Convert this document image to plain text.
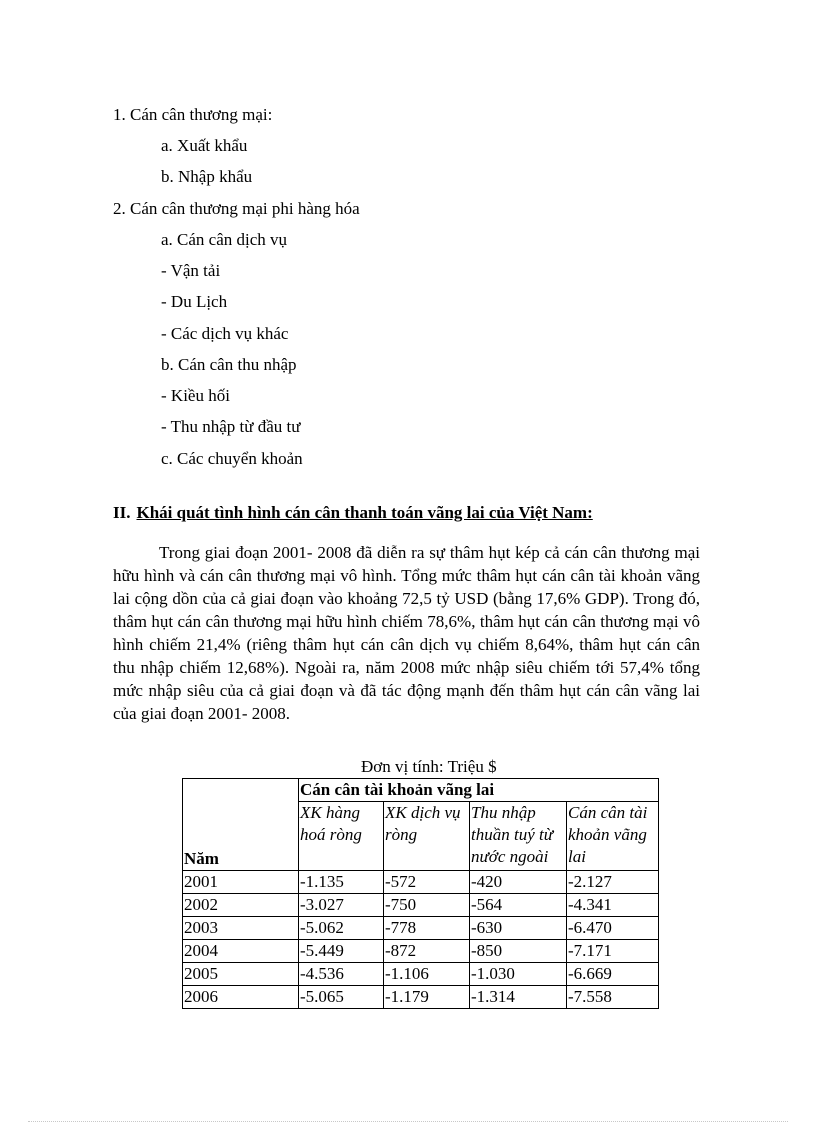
1. Cán cân thương mại:
a. Xuất khẩu
b. Nhập khẩu
2. Cán cân thương mại phi hàng hóa
a. Cán cân dịch vụ
- Vận tải
- Du Lịch
- Các dịch vụ khác
b. Cán cân thu nhập
- Kiều hối
- Thu nhập từ đầu tư
c. Các chuyển khoản
II. Khái quát tình hình cán cân thanh toán vãng lai của Việt Nam:
Trong giai đoạn 2001- 2008 đã diễn ra sự thâm hụt kép cả cán cân thương mại hữu hình và cán cân thương mại vô hình. Tổng mức thâm hụt cán cân tài khoản vãng lai cộng dồn của cả giai đoạn vào khoảng 72,5 tỷ USD (bằng 17,6% GDP). Trong đó, thâm hụt cán cân thương mại hữu hình chiếm 78,6%, thâm hụt cán cân thương mại vô hình chiếm 21,4% (riêng thâm hụt cán cân dịch vụ chiếm 8,64%, thâm hụt cán cân thu nhập chiếm 12,68%). Ngoài ra, năm 2008 mức nhập siêu chiếm tới 57,4% tổng mức nhập siêu của cả giai đoạn và đã tác động mạnh đến thâm hụt cán cân vãng lai của giai đoạn 2001- 2008.
Đơn vị tính: Triệu $
Năm	Cán cân tài khoản vãng lai			
	XK hàng hoá ròng	XK dịch vụ ròng	Thu nhập thuần tuý từ nước ngoài	Cán cân tài khoản vãng lai
2001	-1.135	-572	-420	-2.127
2002	-3.027	-750	-564	-4.341
2003	-5.062	-778	-630	-6.470
2004	-5.449	-872	-850	-7.171
2005	-4.536	-1.106	-1.030	-6.669
2006	-5.065	-1.179	-1.314	-7.558
